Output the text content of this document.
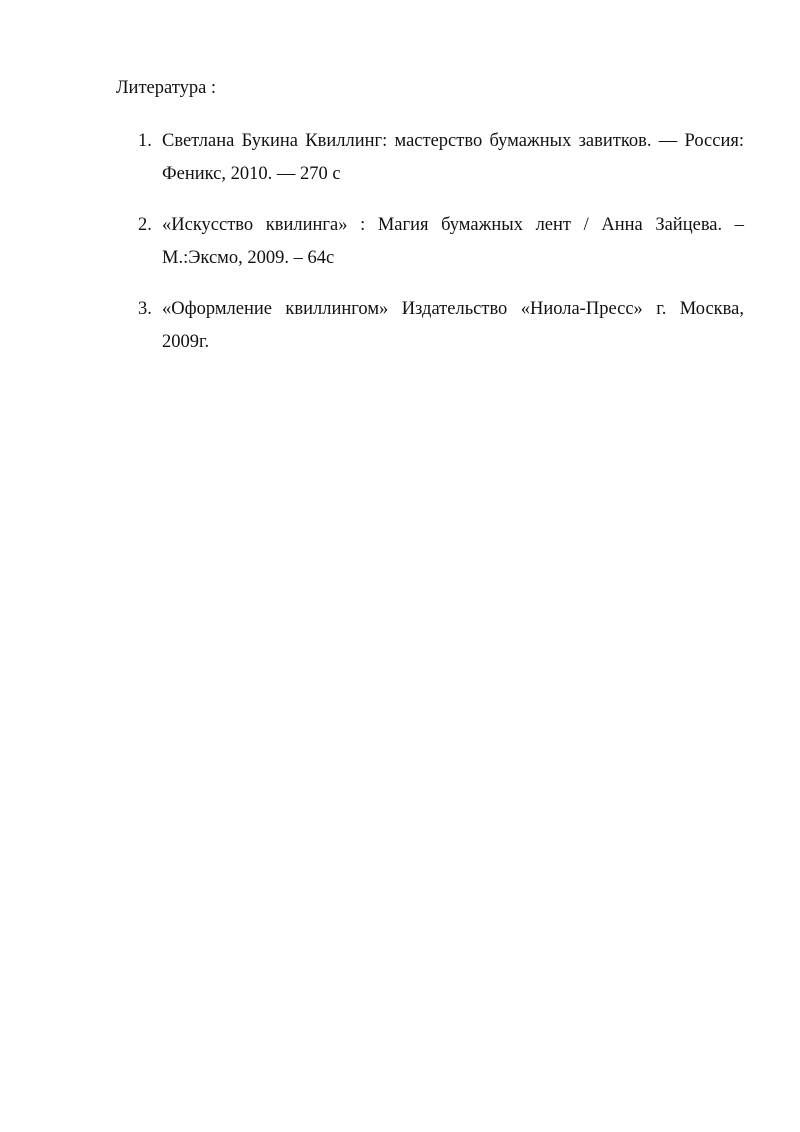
Литература :

1. Светлана Букина Квиллинг: мастерство бумажных завитков. — Россия: Феникс, 2010. — 270 с
2. «Искусство квилинга» : Магия бумажных лент / Анна Зайцева. – М.:Эксмо, 2009. – 64с
3. «Оформление квиллингом» Издательство «Ниола-Пресс» г. Москва, 2009г.
